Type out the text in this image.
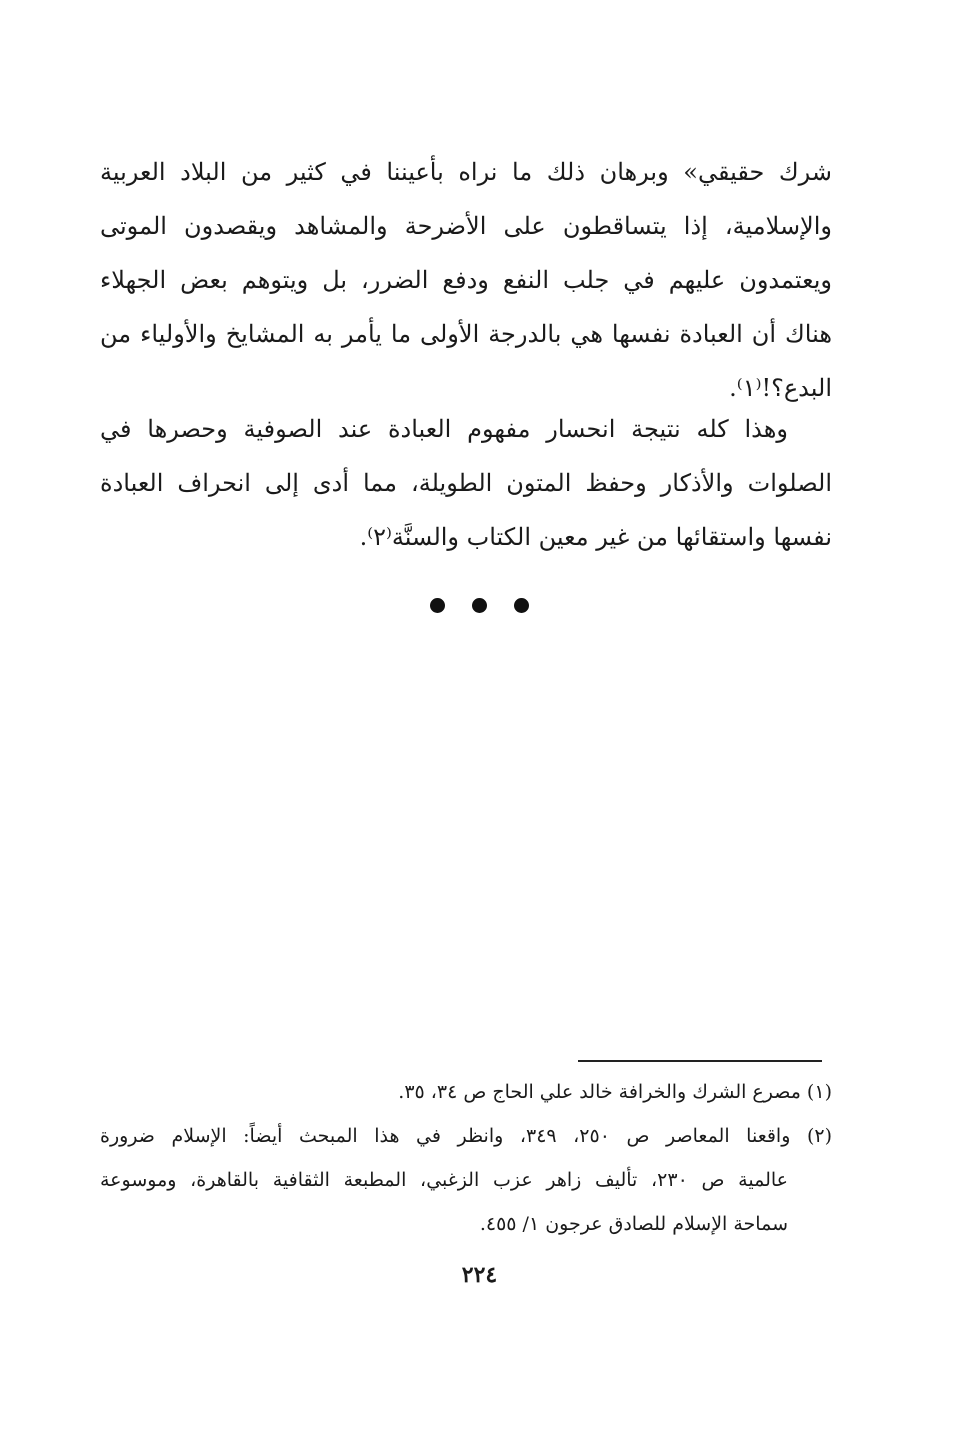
شرك حقيقي» وبرهان ذلك ما نراه بأعيننا في كثير من البلاد العربية
والإسلامية، إذا يتساقطون على الأضرحة والمشاهد ويقصدون الموتى
ويعتمدون عليهم في جلب النفع ودفع الضرر، بل ويتوهم بعض الجهلاء
هناك أن العبادة نفسها هي بالدرجة الأولى ما يأمر به المشايخ والأولياء من
البدع؟!⁽١⁾.
وهذا كله نتيجة انحسار مفهوم العبادة عند الصوفية وحصرها في
الصلوات والأذكار وحفظ المتون الطويلة، مما أدى إلى انحراف العبادة
نفسها واستقائها من غير معين الكتاب والسنَّة⁽٢⁾.

(١) مصرع الشرك والخرافة خالد علي الحاج ص ٣٤، ٣٥.
(٢) واقعنا المعاصر ص ٢٥٠، ٣٤٩، وانظر في هذا المبحث أيضاً: الإسلام ضرورة
عالمية ص ٢٣٠، تأليف زاهر عزب الزغبي، المطبعة الثقافية بالقاهرة، وموسوعة
سماحة الإسلام للصادق عرجون ١/ ٤٥٥.
٢٢٤
